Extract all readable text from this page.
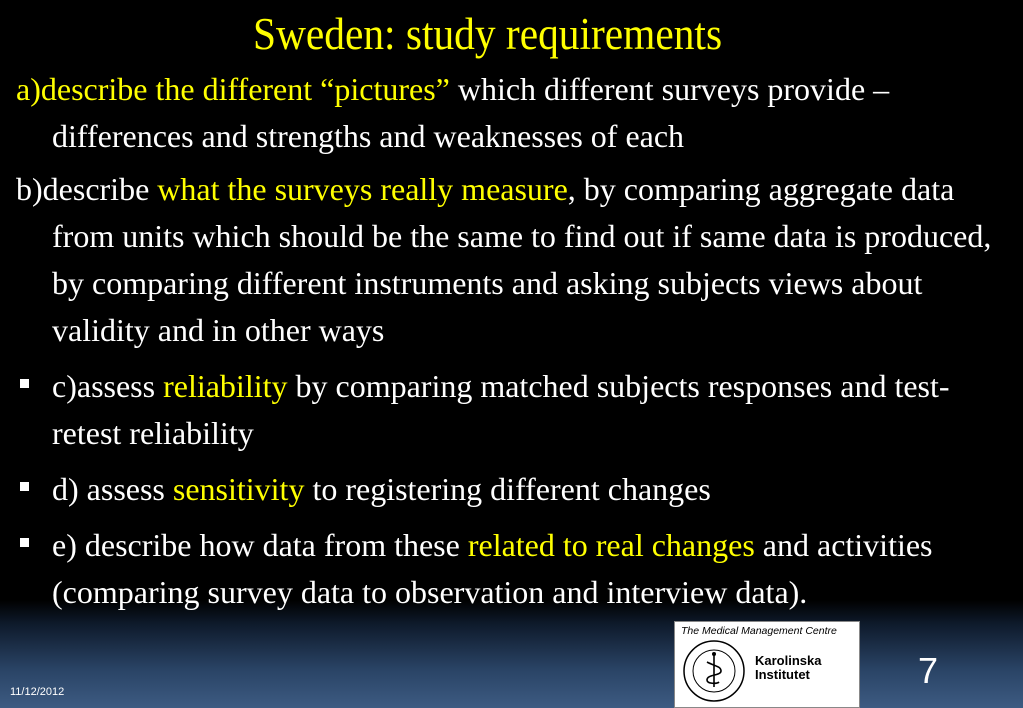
Sweden: study requirements

a)describe the different “pictures” which different surveys provide – differences and strengths and weaknesses of each

b)describe what the surveys really measure, by comparing aggregate data from units which should be the same to find out if same data is produced, by comparing different instruments and asking subjects views about validity and in other ways

c)assess reliability by comparing matched subjects responses and test-retest reliability

d) assess sensitivity to registering different changes

e) describe how data from these related to real changes and activities (comparing survey data to observation and interview data).

The Medical Management Centre
Karolinska
Institutet	7
11/12/2012
